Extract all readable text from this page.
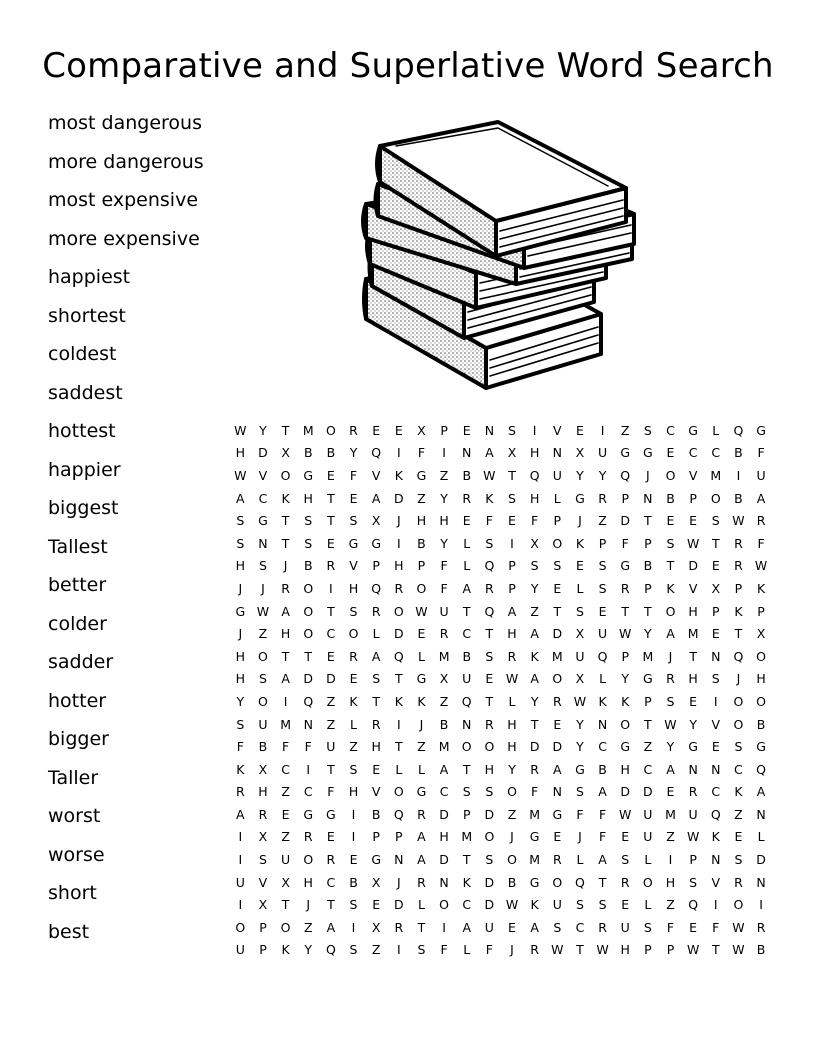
Comparative and Superlative Word Search
most dangerous
more dangerous
most expensive
more expensive
happiest
shortest
coldest
saddest
hottest
happier
biggest
Tallest
better
colder
sadder
hotter
bigger
Taller
worst
worse
short
best
W	Y	T	M	O	R	E	E	X	P	E	N	S	I	V	E	I	Z	S	C	G	L	Q	G
H	D	X	B	B	Y	Q	I	F	I	N	A	X	H	N	X	U	G	G	E	C	C	B	F
W	V	O	G	E	F	V	K	G	Z	B	W	T	Q	U	Y	Y	Q	J	O	V	M	I	U
A	C	K	H	T	E	A	D	Z	Y	R	K	S	H	L	G	R	P	N	B	P	O	B	A
S	G	T	S	T	S	X	J	H	H	E	F	E	F	P	J	Z	D	T	E	E	S	W	R
S	N	T	S	E	G	G	I	B	Y	L	S	I	X	O	K	P	F	P	S	W	T	R	F
H	S	J	B	R	V	P	H	P	F	L	Q	P	S	S	E	S	G	B	T	D	E	R	W
J	J	R	O	I	H	Q	R	O	F	A	R	P	Y	E	L	S	R	P	K	V	X	P	K
G	W	A	O	T	S	R	O	W	U	T	Q	A	Z	T	S	E	T	T	O	H	P	K	P
J	Z	H	O	C	O	L	D	E	R	C	T	H	A	D	X	U	W	Y	A	M	E	T	X
H	O	T	T	E	R	A	Q	L	M	B	S	R	K	M	U	Q	P	M	J	T	N	Q	O
H	S	A	D	D	E	S	T	G	X	U	E	W	A	O	X	L	Y	G	R	H	S	J	H
Y	O	I	Q	Z	K	T	K	K	Z	Q	T	L	Y	R	W	K	K	P	S	E	I	O	O
S	U	M	N	Z	L	R	I	J	B	N	R	H	T	E	Y	N	O	T	W	Y	V	O	B
F	B	F	F	U	Z	H	T	Z	M	O	O	H	D	D	Y	C	G	Z	Y	G	E	S	G
K	X	C	I	T	S	E	L	L	A	T	H	Y	R	A	G	B	H	C	A	N	N	C	Q
R	H	Z	C	F	H	V	O	G	C	S	S	O	F	N	S	A	D	D	E	R	C	K	A
A	R	E	G	G	I	B	Q	R	D	P	D	Z	M	G	F	F	W	U	M	U	Q	Z	N
I	X	Z	R	E	I	P	P	A	H	M	O	J	G	E	J	F	E	U	Z	W	K	E	L
I	S	U	O	R	E	G	N	A	D	T	S	O	M	R	L	A	S	L	I	P	N	S	D
U	V	X	H	C	B	X	J	R	N	K	D	B	G	O	Q	T	R	O	H	S	V	R	N
I	X	T	J	T	S	E	D	L	O	C	D	W	K	U	S	S	E	L	Z	Q	I	O	I
O	P	O	Z	A	I	X	R	T	I	A	U	E	A	S	C	R	U	S	F	E	F	W	R
U	P	K	Y	Q	S	Z	I	S	F	L	F	J	R	W	T	W	H	P	P	W	T	W	B
